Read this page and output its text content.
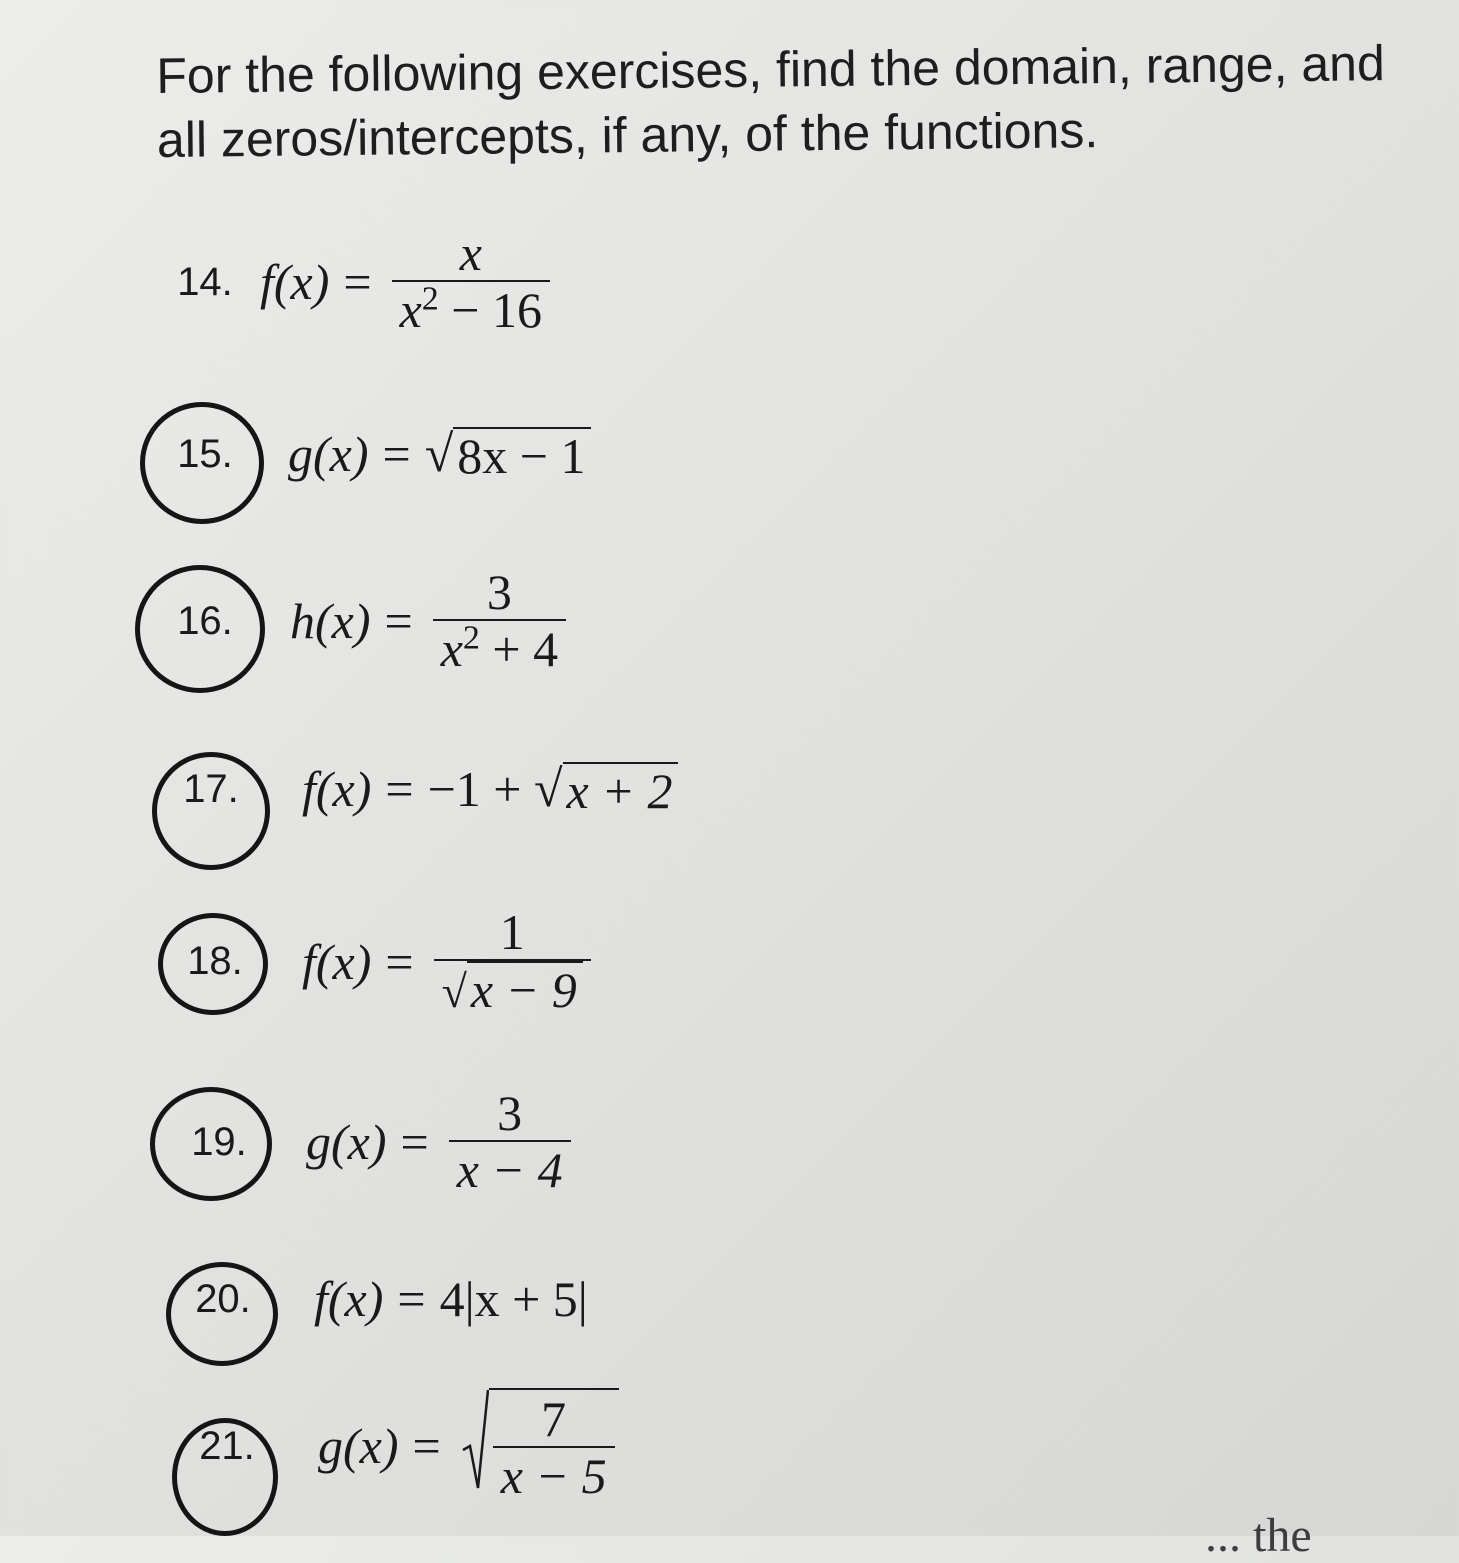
For the following exercises, find the domain, range, and all zeros/intercepts, if any, of the functions.
14. $f(x) = \frac{x}{x^2 - 16}$
15.	g(x) = √ 8x − 1
16.	$h(x) = \frac{3}{x^2 + 4}$
17.	f(x) = −1 + √ x + 2
18.	$f(x) = \frac{1}{√ x - 9}$
19.	$g(x) = \frac{3}{x - 4}$
20.	f(x) = 4|x + 5|
21.	$g(x) = \frac{7}{x - 5}$
... the
